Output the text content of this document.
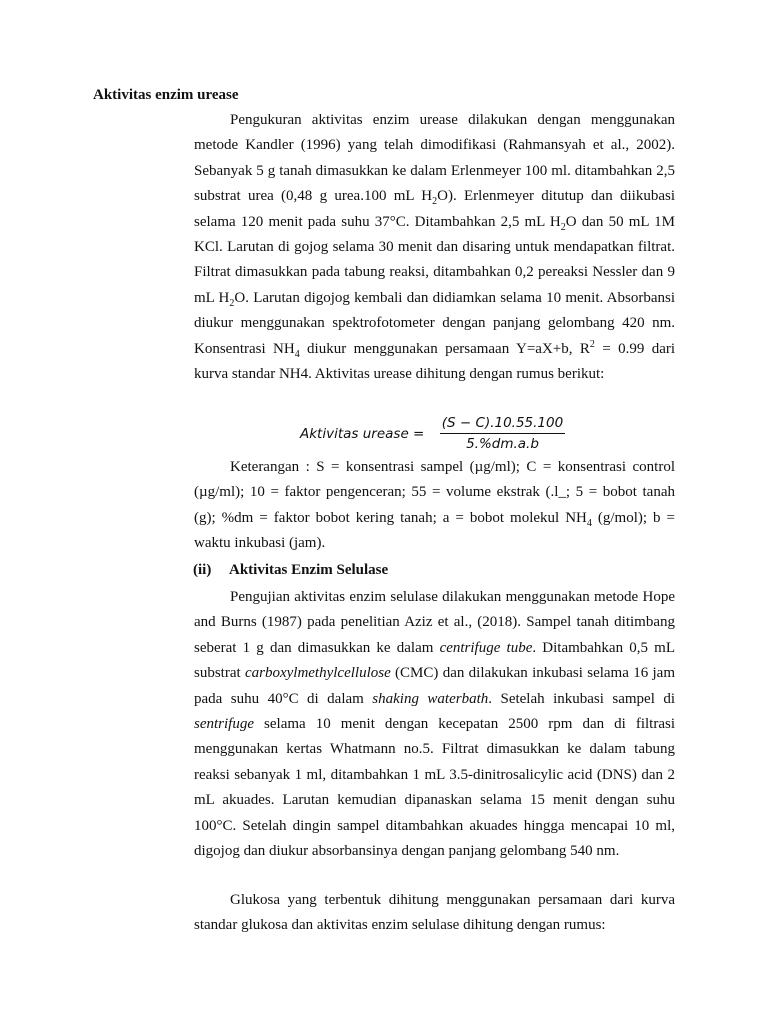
Aktivitas enzim urease

Pengukuran aktivitas enzim urease dilakukan dengan menggunakan metode Kandler (1996) yang telah dimodifikasi (Rahmansyah et al., 2002). Sebanyak 5 g tanah dimasukkan ke dalam Erlenmeyer 100 ml. ditambahkan 2,5 substrat urea (0,48 g urea.100 mL $H_2O$). Erlenmeyer ditutup dan diikubasi selama 120 menit pada suhu 37°C. Ditambahkan 2,5 mL $H_2O$ dan 50 mL 1M KCl. Larutan di gojog selama 30 menit dan disaring untuk mendapatkan filtrat. Filtrat dimasukkan pada tabung reaksi, ditambahkan 0,2 pereaksi Nessler dan 9 mL $H_2O$. Larutan digojog kembali dan didiamkan selama 10 menit. Absorbansi diukur menggunakan spektrofotometer dengan panjang gelombang 420 nm. Konsentrasi $NH_4$ diukur menggunakan persamaan Y=aX+b, $R^2 = 0.99$ dari kurva standar NH4. Aktivitas urease dihitung dengan rumus berikut:

Aktivitas urease = $\frac{(S - C).10.55.100}{5.\%dm.a.b}$

Keterangan : S = konsentrasi sampel (µg/ml); C = konsentrasi control (µg/ml); 10 = faktor pengenceran; 55 = volume ekstrak (.l_; 5 = bobot tanah (g); %dm = faktor bobot kering tanah; a = bobot molekul $NH_4$ (g/mol); b = waktu inkubasi (jam).

(ii) Aktivitas Enzim Selulase

Pengujian aktivitas enzim selulase dilakukan menggunakan metode Hope and Burns (1987) pada penelitian Aziz et al., (2018). Sampel tanah ditimbang seberat 1 g dan dimasukkan ke dalam centrifuge tube. Ditambahkan 0,5 mL substrat carboxylmethylcellulose (CMC) dan dilakukan inkubasi selama 16 jam pada suhu 40°C di dalam shaking waterbath. Setelah inkubasi sampel di sentrifuge selama 10 menit dengan kecepatan 2500 rpm dan di filtrasi menggunakan kertas Whatmann no.5. Filtrat dimasukkan ke dalam tabung reaksi sebanyak 1 ml, ditambahkan 1 mL 3.5-dinitrosalicylic acid (DNS) dan 2 mL akuades. Larutan kemudian dipanaskan selama 15 menit dengan suhu 100°C. Setelah dingin sampel ditambahkan akuades hingga mencapai 10 ml, digojog dan diukur absorbansinya dengan panjang gelombang 540 nm.

Glukosa yang terbentuk dihitung menggunakan persamaan dari kurva standar glukosa dan aktivitas enzim selulase dihitung dengan rumus:
